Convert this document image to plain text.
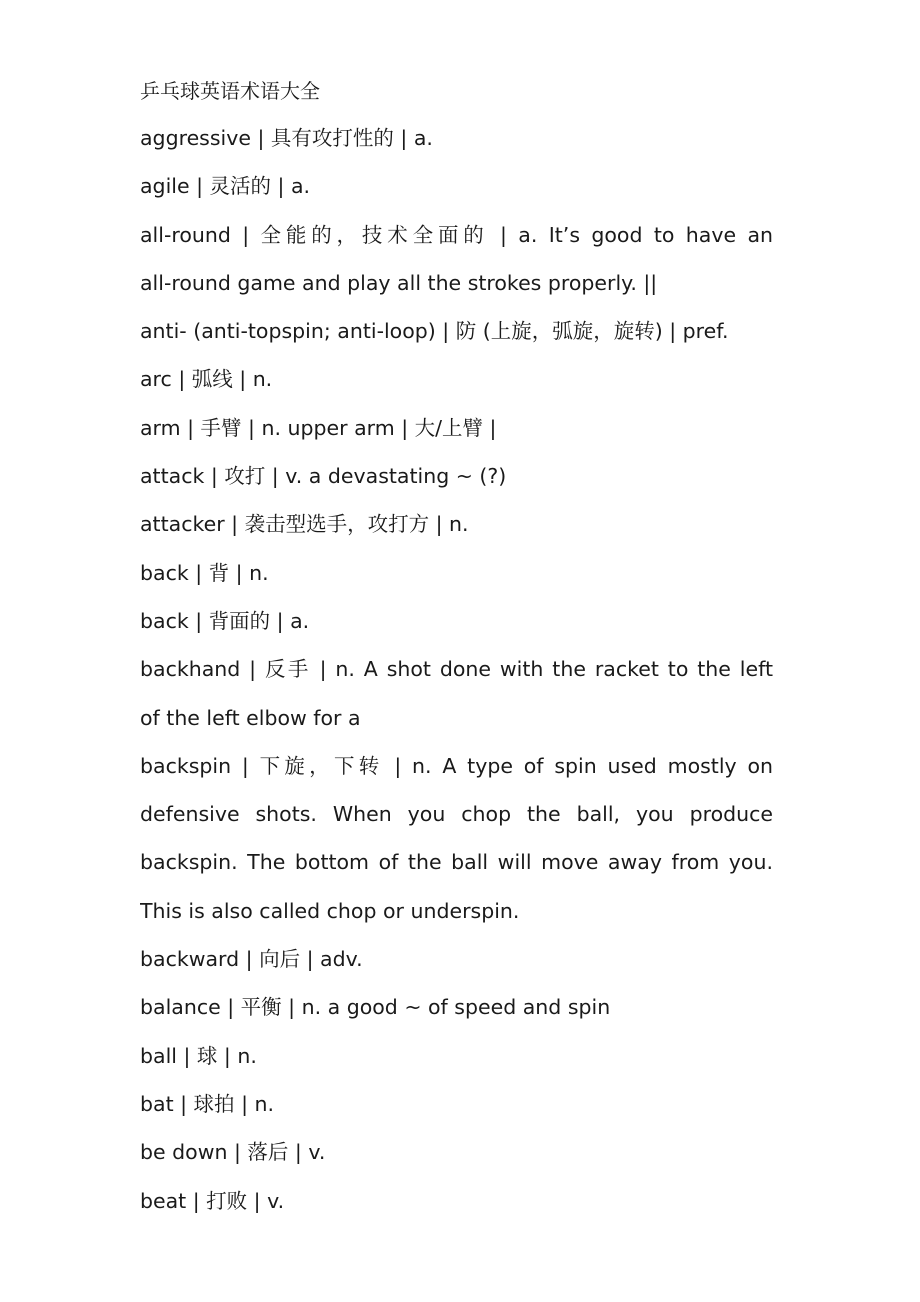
乒乓球英语术语大全
aggressive | 具有攻打性的 | a.
agile | 灵活的 | a.
all-round | 全能的，技术全面的 | a. It’s good to have an
all-round game and play all the strokes properly. ||
anti- (anti-topspin; anti-loop) | 防 (上旋，弧旋，旋转) | pref.
arc | 弧线 | n.
arm | 手臂 | n. upper arm | 大/上臂 |
attack | 攻打 | v. a devastating ~ (?)
attacker | 袭击型选手，攻打方 | n.
back | 背 | n.
back | 背面的 | a.
backhand | 反手 | n. A shot done with the racket to the left
of the left elbow for a
backspin | 下旋，下转 | n. A type of spin used mostly on
defensive shots. When you chop the ball, you produce
backspin. The bottom of the ball will move away from you.
This is also called chop or underspin.
backward | 向后 | adv.
balance | 平衡 | n. a good ~ of speed and spin
ball | 球 | n.
bat | 球拍 | n.
be down | 落后 | v.
beat | 打败 | v.
